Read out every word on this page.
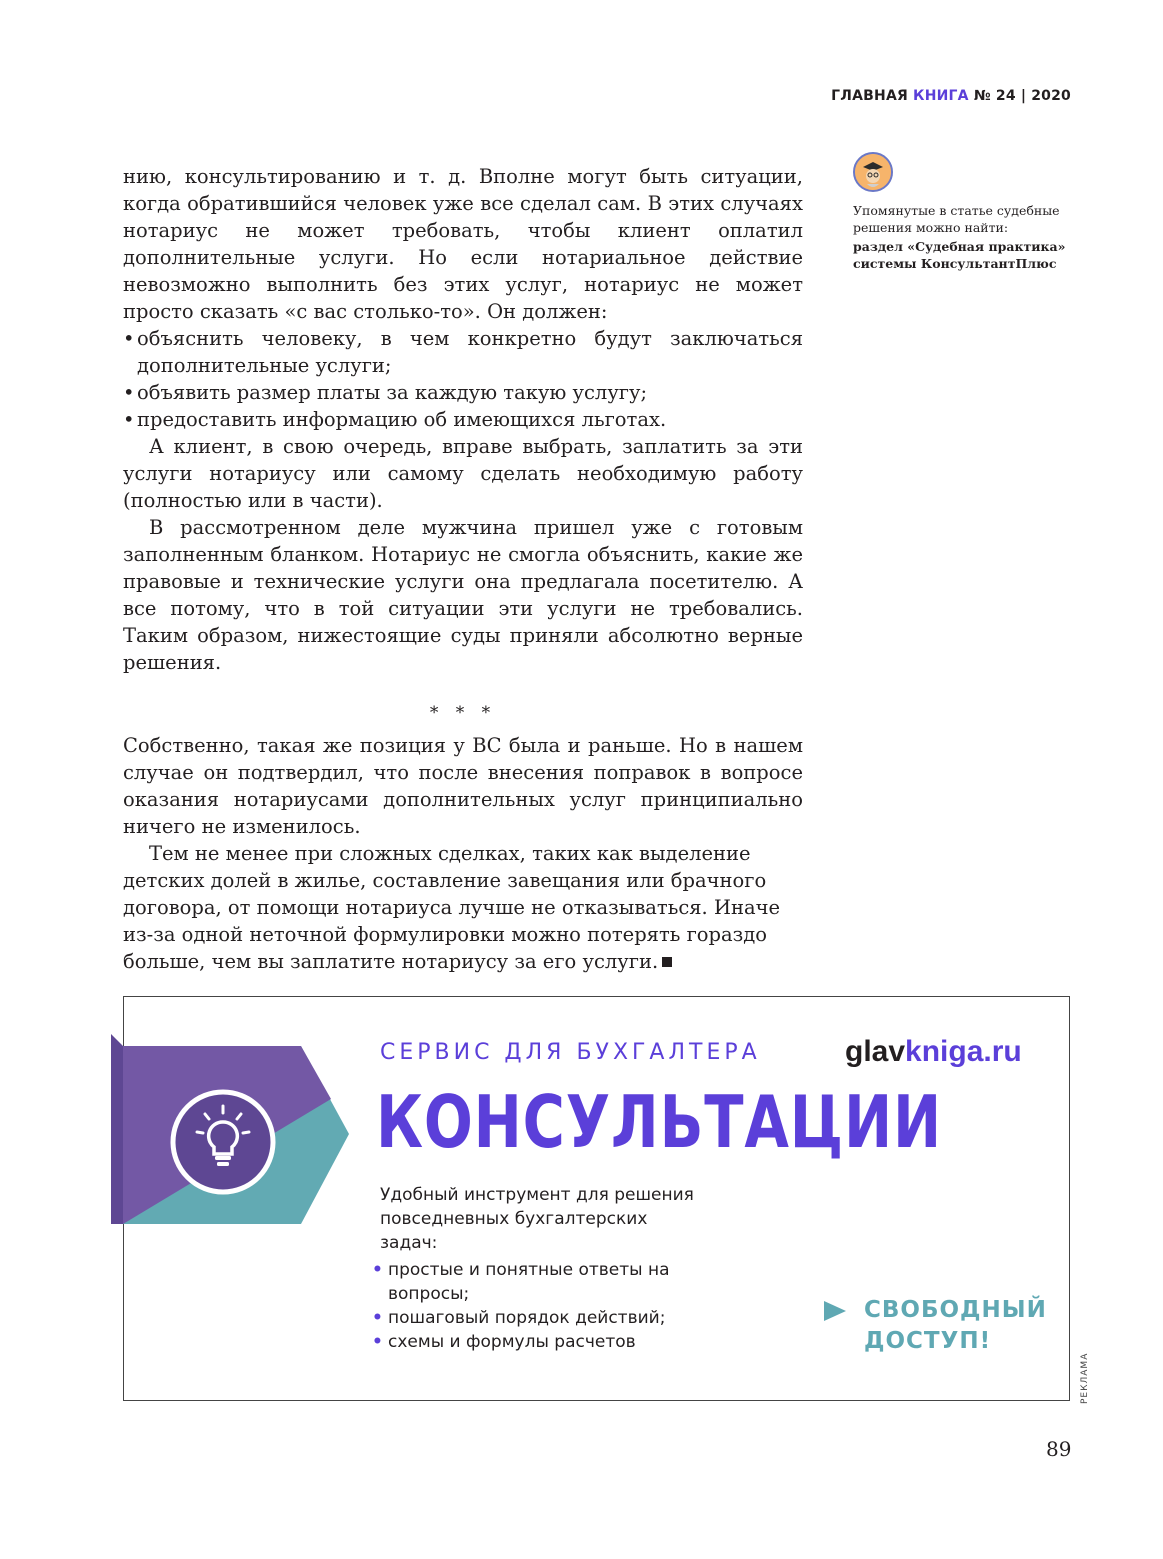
ГЛАВНАЯ КНИГА № 24 | 2020

нию, консультированию и т. д. Вполне могут быть ситуации, когда обратившийся человек уже все сделал сам. В этих случаях нотариус не может требовать, чтобы клиент оплатил дополнительные услуги. Но если нотариальное действие невозможно выполнить без этих услуг, нотариус не может просто сказать «с вас столько-то». Он должен:

• объяснить человеку, в чем конкретно будут заключаться дополнительные услуги;
• объявить размер платы за каждую такую услугу;
• предоставить информацию об имеющихся льготах.

А клиент, в свою очередь, вправе выбрать, заплатить за эти услуги нотариусу или самому сделать необходимую работу (полностью или в части).

В рассмотренном деле мужчина пришел уже с готовым заполненным бланком. Нотариус не смогла объяснить, какие же правовые и технические услуги она предлагала посетителю. А все потому, что в той ситуации эти услуги не требовались. Таким образом, нижестоящие суды приняли абсолютно верные решения.

* * *

Собственно, такая же позиция у ВС была и раньше. Но в нашем случае он подтвердил, что после внесения поправок в вопросе оказания нотариусами дополнительных услуг принципиально ничего не изменилось.

Тем не менее при сложных сделках, таких как выделение детских долей в жилье, составление завещания или брачного договора, от помощи нотариуса лучше не отказываться. Иначе из-за одной неточной формулировки можно потерять гораздо больше, чем вы заплатите нотариусу за его услуги.

Упомянутые в статье судебные решения можно найти:

раздел «Судебная практика» системы КонсультантПлюс

СЕРВИС ДЛЯ БУХГАЛТЕРА	glavkniga.ru
КОНСУЛЬТАЦИИ
Удобный инструмент для решения повседневных бухгалтерских задач:
• простые и понятные ответы на вопросы;
• пошаговый порядок действий;
• схемы и формулы расчетов
СВОБОДНЫЙ
ДОСТУП!
РЕКЛАМА
89
